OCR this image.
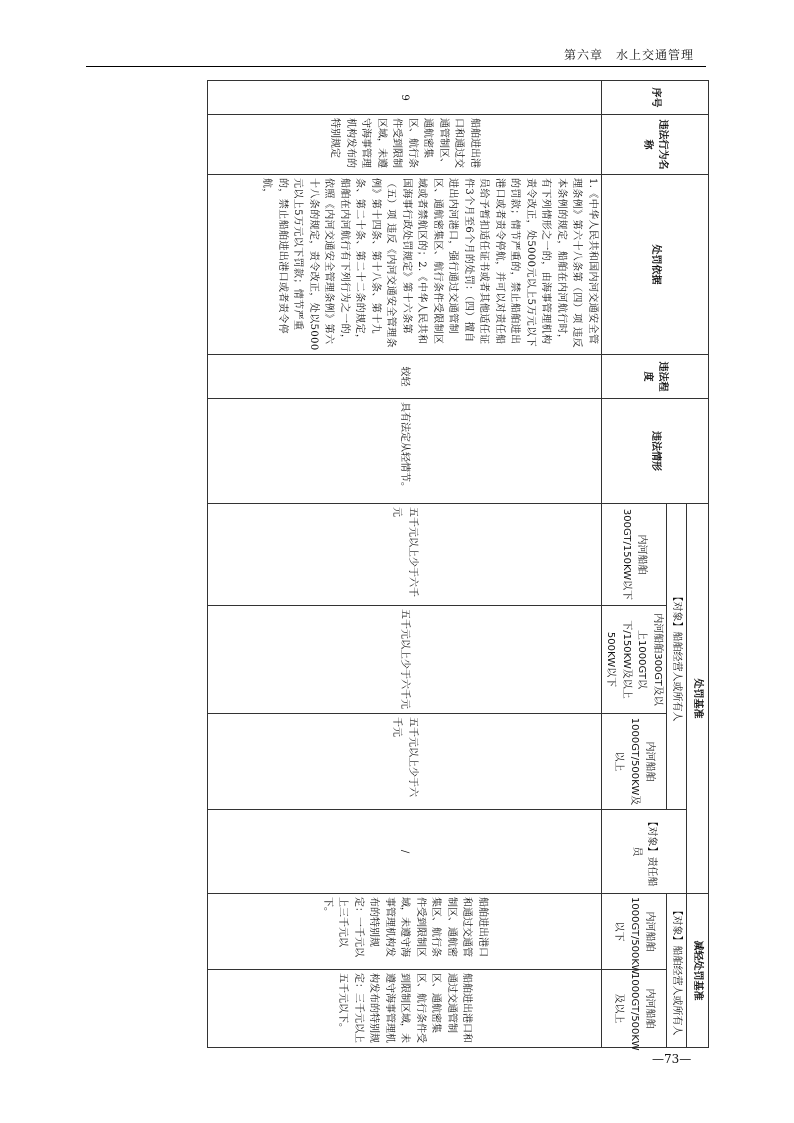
第六章　水上交通管理
序号	违法行为名称	处罚依据	违法程度	违法情形	处罚基准				减轻处罚基准	
					【对象】船舶经营人或所有人			【对象】责任船员	【对象】船舶经营人或所有人	
					内河船舶300GT/150KW以下	内河船舶300GT及以上1000GT以下/150KW及以上500KW以下	内河船舶1000GT/500KW及以上		内河船舶1000GT/500KW以下	内河船舶1000GT/500KW及以上
9	船舶进出港口和通过交通管制区、通航密集区、航行条件受到限制区域，未遵守海事管理机构发布的特别规定	1.《中华人民共和国内河交通安全管理条例》第六十八条第（四）项 违反本条例的规定，船舶在内河航行时，有下列情形之一的，由海事管理机构责令改正，处5000元以上5万元以下的罚款；情节严重的，禁止船舶进出港口或者责令停航，并可以对责任船员给予暂扣适任证书或者其他适任证件3个月至6个月的处罚：（四）擅自进出内河港口，强行通过交通管制区、通航密集区、航行条件受限制区域或者禁航区的；2.《中华人民共和国海事行政处罚规定》第十六条第（五）项 违反《内河交通安全管理条例》第十四条、第十八条、第十九条、第二十条、第二十二条的规定，船舶在内河航行有下列行为之一的，依照《内河交通安全管理条例》第六十八条的规定，责令改正，处以5000元以上5万元以下罚款；情节严重的，禁止船舶进出港口或者责令停航，	较轻	具有法定从轻情节。	五千元以上少于六千元	五千元以上少于六千元	五千元以上少于六千元	/	船舶进出港口和通过交通管制区、通航密集区、航行条件受到限制区域，未遵守海事管理机构发布的特别规定：一千元以上三千元以下。	船舶进出港口和通过交通管制区、通航密集区、航行条件受到限制区域，未遵守海事管理机构发布的特别规定：三千元以上五千元以下。
—73—
